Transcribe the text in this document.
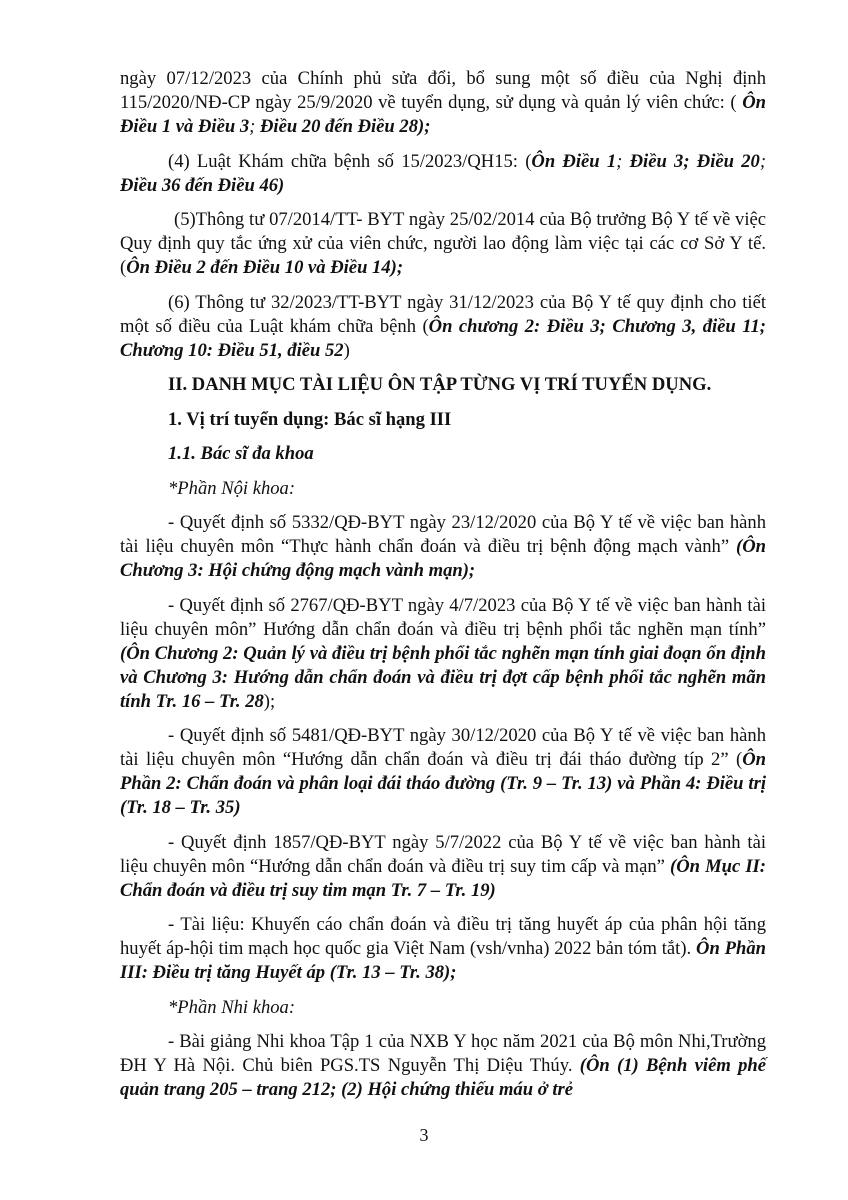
ngày 07/12/2023 của Chính phủ sửa đổi, bổ sung một số điều của Nghị định 115/2020/NĐ-CP ngày 25/9/2020 về tuyển dụng, sử dụng và quản lý viên chức: ( Ôn Điều 1 và Điều 3; Điều 20 đến Điều 28);

(4) Luật Khám chữa bệnh số 15/2023/QH15: (Ôn Điều 1; Điều 3; Điều 20; Điều 36 đến Điều 46)

(5)Thông tư 07/2014/TT- BYT ngày 25/02/2014 của Bộ trưởng Bộ Y tế về việc Quy định quy tắc ứng xử của viên chức, người lao động làm việc tại các cơ Sở Y tế. (Ôn Điều 2 đến Điều 10 và Điều 14);

(6) Thông tư 32/2023/TT-BYT ngày 31/12/2023 của Bộ Y tế quy định cho tiết một số điều của Luật khám chữa bệnh (Ôn chương 2: Điều 3; Chương 3, điều 11; Chương 10: Điều 51, điều 52)

II. DANH MỤC TÀI LIỆU ÔN TẬP TỪNG VỊ TRÍ TUYỂN DỤNG.

1. Vị trí tuyển dụng: Bác sĩ hạng III

1.1. Bác sĩ đa khoa

*Phần Nội khoa:

- Quyết định số 5332/QĐ-BYT ngày 23/12/2020 của Bộ Y tế về việc ban hành tài liệu chuyên môn “Thực hành chẩn đoán và điều trị bệnh động mạch vành” (Ôn Chương 3: Hội chứng động mạch vành mạn);

- Quyết định số 2767/QĐ-BYT ngày 4/7/2023 của Bộ Y tế về việc ban hành tài liệu chuyên môn” Hướng dẫn chẩn đoán và điều trị bệnh phổi tắc nghẽn mạn tính” (Ôn Chương 2: Quản lý và điều trị bệnh phổi tắc nghẽn mạn tính giai đoạn ổn định và Chương 3: Hướng dẫn chẩn đoán và điều trị đợt cấp bệnh phổi tắc nghẽn mãn tính Tr. 16 – Tr. 28);

- Quyết định số 5481/QĐ-BYT ngày 30/12/2020 của Bộ Y tế về việc ban hành tài liệu chuyên môn “Hướng dẫn chẩn đoán và điều trị đái tháo đường típ 2” (Ôn Phần 2: Chẩn đoán và phân loại đái tháo đường (Tr. 9 – Tr. 13) và Phần 4: Điều trị (Tr. 18 – Tr. 35)

- Quyết định 1857/QĐ-BYT ngày 5/7/2022 của Bộ Y tế về việc ban hành tài liệu chuyên môn “Hướng dẫn chẩn đoán và điều trị suy tim cấp và mạn” (Ôn Mục II: Chẩn đoán và điều trị suy tim mạn Tr. 7 – Tr. 19)

- Tài liệu: Khuyến cáo chẩn đoán và điều trị tăng huyết áp của phân hội tăng huyết áp-hội tim mạch học quốc gia Việt Nam (vsh/vnha) 2022 bản tóm tắt). Ôn Phần III: Điều trị tăng Huyết áp (Tr. 13 – Tr. 38);

*Phần Nhi khoa:

- Bài giảng Nhi khoa Tập 1 của NXB Y học năm 2021 của Bộ môn Nhi,Trường ĐH Y Hà Nội. Chủ biên PGS.TS Nguyễn Thị Diệu Thúy. (Ôn (1) Bệnh viêm phế quản trang 205 – trang 212; (2) Hội chứng thiếu máu ở trẻ

3
